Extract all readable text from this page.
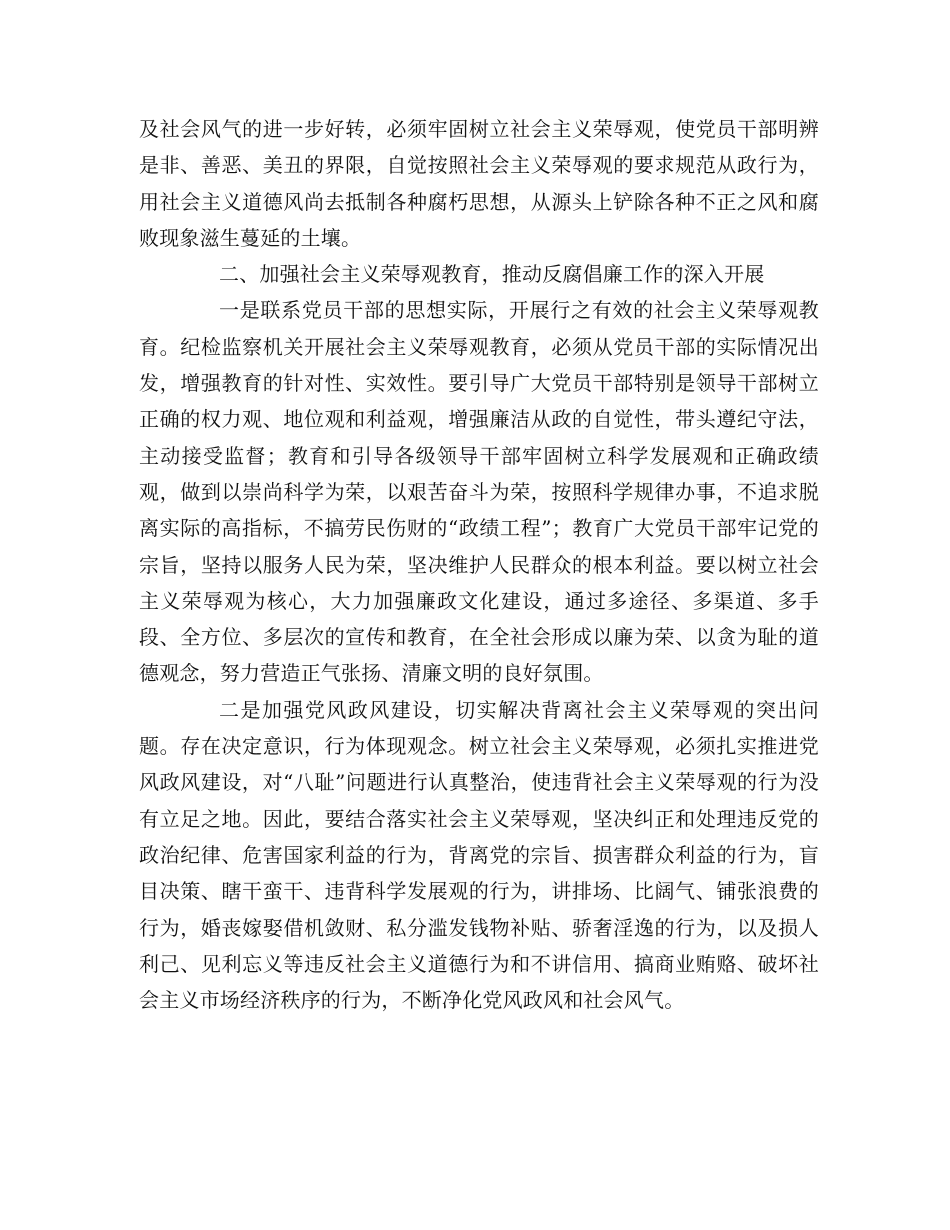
及社会风气的进一步好转，必须牢固树立社会主义荣辱观，使党员干部明辨是非、善恶、美丑的界限，自觉按照社会主义荣辱观的要求规范从政行为，用社会主义道德风尚去抵制各种腐朽思想，从源头上铲除各种不正之风和腐败现象滋生蔓延的土壤。

二、加强社会主义荣辱观教育，推动反腐倡廉工作的深入开展

一是联系党员干部的思想实际，开展行之有效的社会主义荣辱观教育。纪检监察机关开展社会主义荣辱观教育，必须从党员干部的实际情况出发，增强教育的针对性、实效性。要引导广大党员干部特别是领导干部树立正确的权力观、地位观和利益观，增强廉洁从政的自觉性，带头遵纪守法，主动接受监督；教育和引导各级领导干部牢固树立科学发展观和正确政绩观，做到以崇尚科学为荣，以艰苦奋斗为荣，按照科学规律办事，不追求脱离实际的高指标，不搞劳民伤财的“政绩工程”；教育广大党员干部牢记党的宗旨，坚持以服务人民为荣，坚决维护人民群众的根本利益。要以树立社会主义荣辱观为核心，大力加强廉政文化建设，通过多途径、多渠道、多手段、全方位、多层次的宣传和教育，在全社会形成以廉为荣、以贪为耻的道德观念，努力营造正气张扬、清廉文明的良好氛围。

二是加强党风政风建设，切实解决背离社会主义荣辱观的突出问题。存在决定意识，行为体现观念。树立社会主义荣辱观，必须扎实推进党风政风建设，对“八耻”问题进行认真整治，使违背社会主义荣辱观的行为没有立足之地。因此，要结合落实社会主义荣辱观，坚决纠正和处理违反党的政治纪律、危害国家利益的行为，背离党的宗旨、损害群众利益的行为，盲目决策、瞎干蛮干、违背科学发展观的行为，讲排场、比阔气、铺张浪费的行为，婚丧嫁娶借机敛财、私分滥发钱物补贴、骄奢淫逸的行为，以及损人利己、见利忘义等违反社会主义道德行为和不讲信用、搞商业贿赂、破坏社会主义市场经济秩序的行为，不断净化党风政风和社会风气。
